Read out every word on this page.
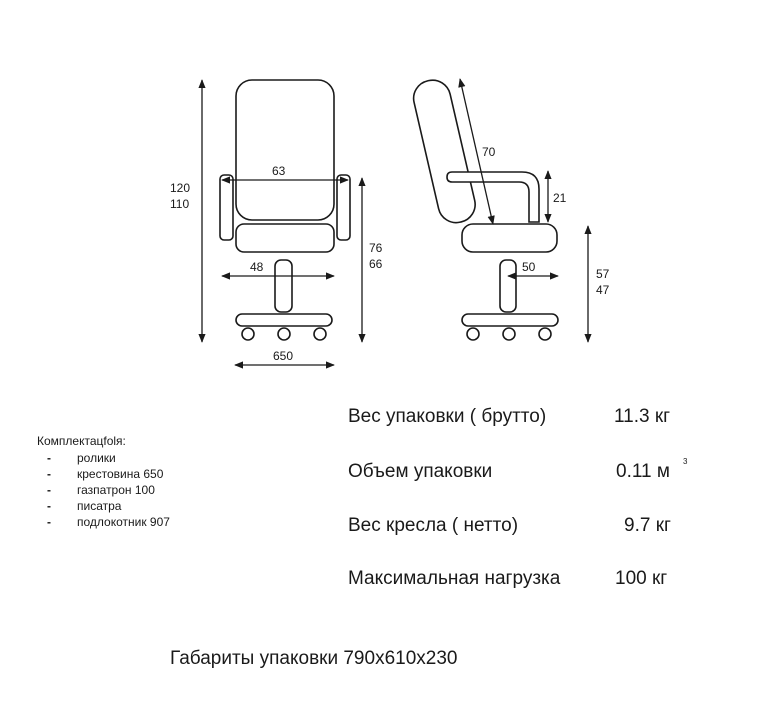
120
110
63
76
66
48
650
70
21
50	57
47
Комплектацfolя:
- ролики
- крестовина 650
- газпатрон 100
- писатра
- подлокотник 907
Вес упаковки ( брутто)	11.3 кг
Объем упаковки	0.11 м 3
Вес кресла ( нетто)	9.7 кг
Максимальная нагрузка	100 кг
Габариты упаковки 790х610х230
